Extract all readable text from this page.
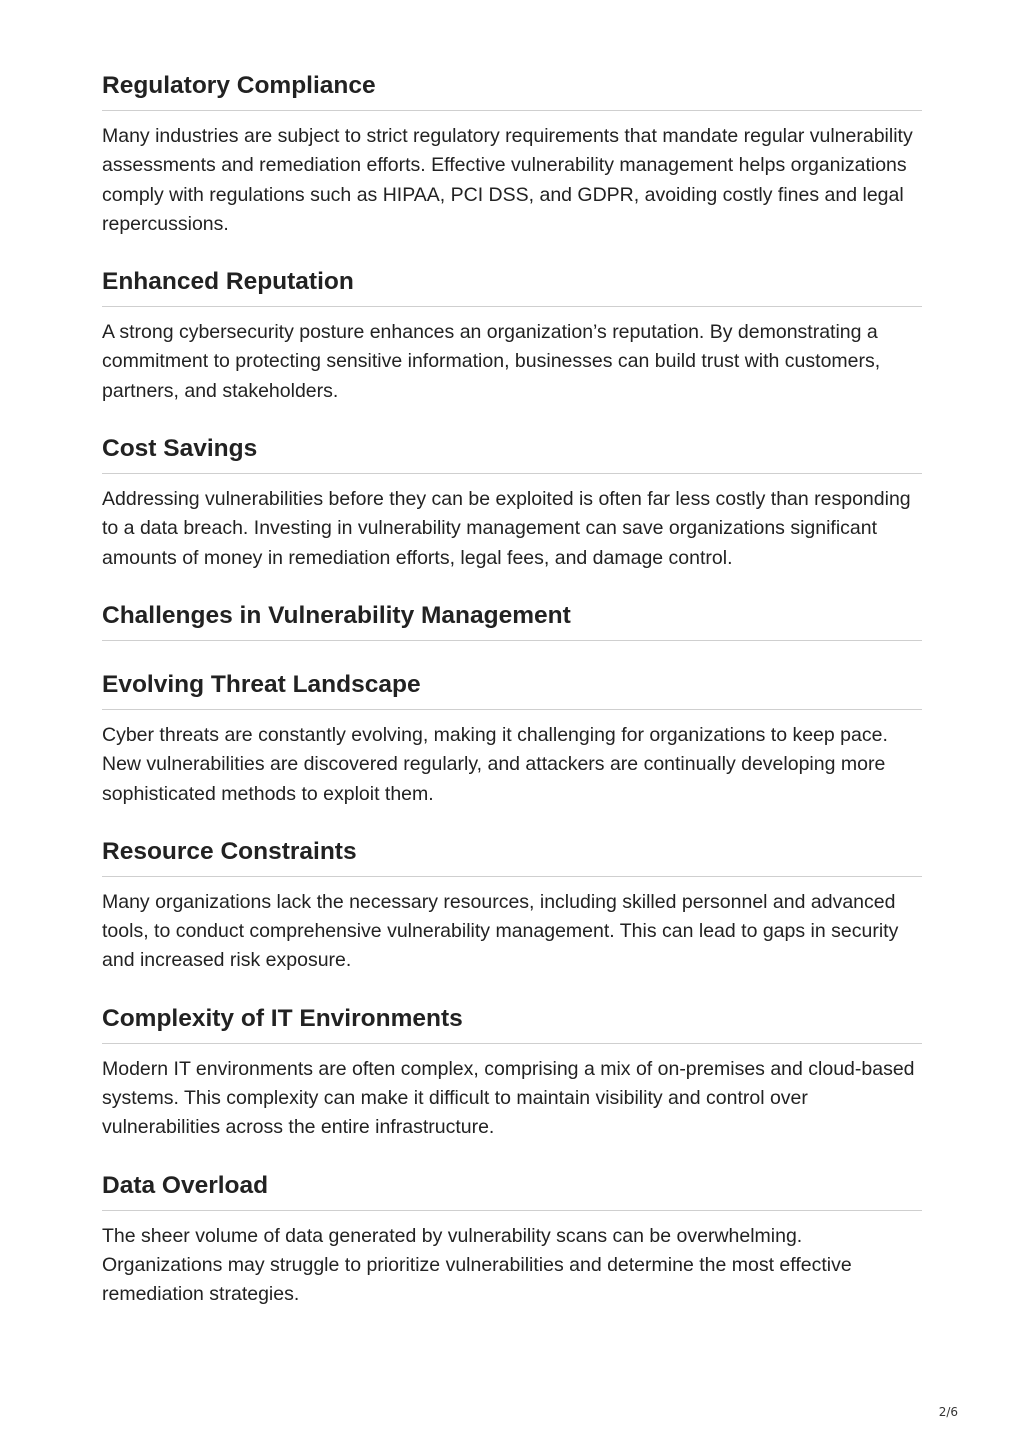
Regulatory Compliance

Many industries are subject to strict regulatory requirements that mandate regular vulnerability assessments and remediation efforts. Effective vulnerability management helps organizations comply with regulations such as HIPAA, PCI DSS, and GDPR, avoiding costly fines and legal repercussions.

Enhanced Reputation

A strong cybersecurity posture enhances an organization’s reputation. By demonstrating a commitment to protecting sensitive information, businesses can build trust with customers, partners, and stakeholders.

Cost Savings

Addressing vulnerabilities before they can be exploited is often far less costly than responding to a data breach. Investing in vulnerability management can save organizations significant amounts of money in remediation efforts, legal fees, and damage control.

Challenges in Vulnerability Management
Evolving Threat Landscape

Cyber threats are constantly evolving, making it challenging for organizations to keep pace. New vulnerabilities are discovered regularly, and attackers are continually developing more sophisticated methods to exploit them.

Resource Constraints

Many organizations lack the necessary resources, including skilled personnel and advanced tools, to conduct comprehensive vulnerability management. This can lead to gaps in security and increased risk exposure.

Complexity of IT Environments

Modern IT environments are often complex, comprising a mix of on-premises and cloud-based systems. This complexity can make it difficult to maintain visibility and control over vulnerabilities across the entire infrastructure.

Data Overload

The sheer volume of data generated by vulnerability scans can be overwhelming. Organizations may struggle to prioritize vulnerabilities and determine the most effective remediation strategies.

2/6
